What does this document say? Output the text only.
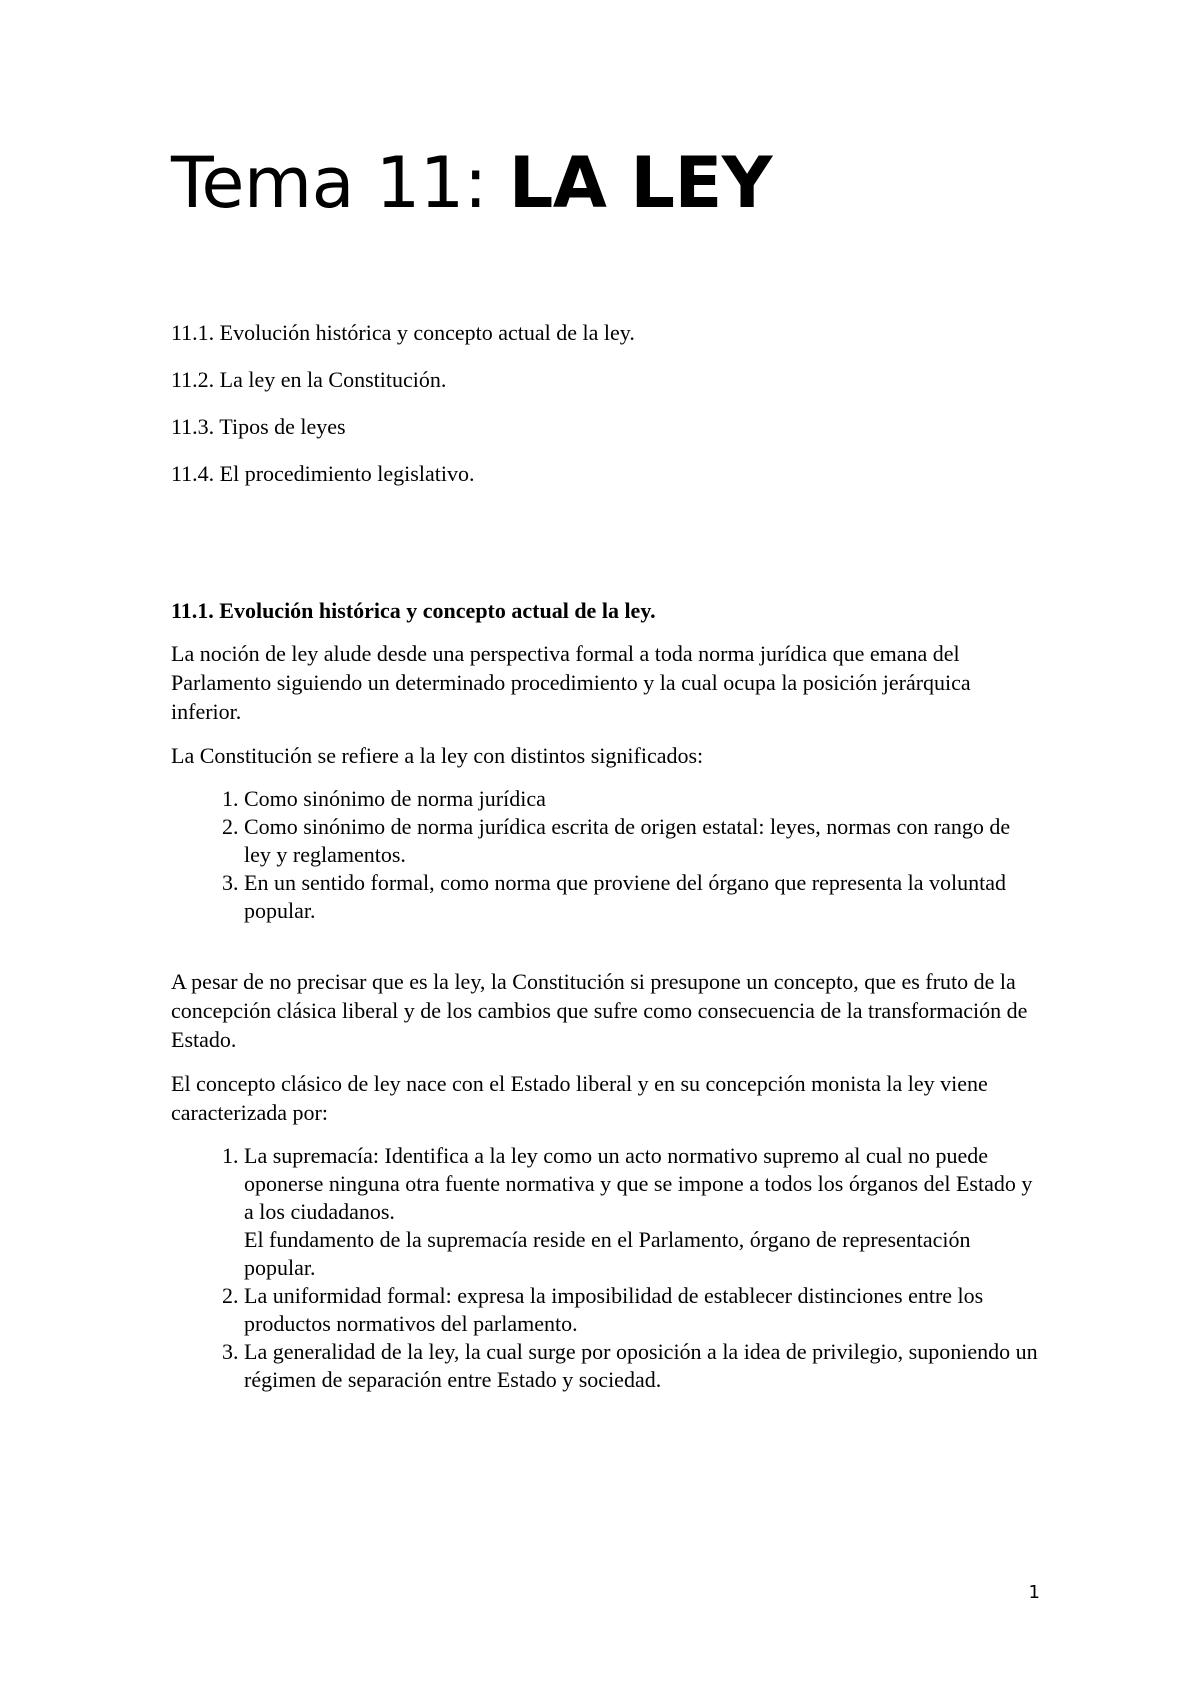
Tema 11: LA LEY
11.1. Evolución histórica y concepto actual de la ley.
11.2. La ley en la Constitución.
11.3. Tipos de leyes
11.4. El procedimiento legislativo.
11.1. Evolución histórica y concepto actual de la ley.

La noción de ley alude desde una perspectiva formal a toda norma jurídica que emana del Parlamento siguiendo un determinado procedimiento y la cual ocupa la posición jerárquica inferior.

La Constitución se refiere a la ley con distintos significados:

1. Como sinónimo de norma jurídica
2. Como sinónimo de norma jurídica escrita de origen estatal: leyes, normas con rango de ley y reglamentos.
3. En un sentido formal, como norma que proviene del órgano que representa la voluntad popular.

A pesar de no precisar que es la ley, la Constitución si presupone un concepto, que es fruto de la concepción clásica liberal y de los cambios que sufre como consecuencia de la transformación de Estado.

El concepto clásico de ley nace con el Estado liberal y en su concepción monista la ley viene caracterizada por:

1. La supremacía: Identifica a la ley como un acto normativo supremo al cual no puede oponerse ninguna otra fuente normativa y que se impone a todos los órganos del Estado y a los ciudadanos.
El fundamento de la supremacía reside en el Parlamento, órgano de representación popular.
2. La uniformidad formal: expresa la imposibilidad de establecer distinciones entre los productos normativos del parlamento.
3. La generalidad de la ley, la cual surge por oposición a la idea de privilegio, suponiendo un régimen de separación entre Estado y sociedad.
1
